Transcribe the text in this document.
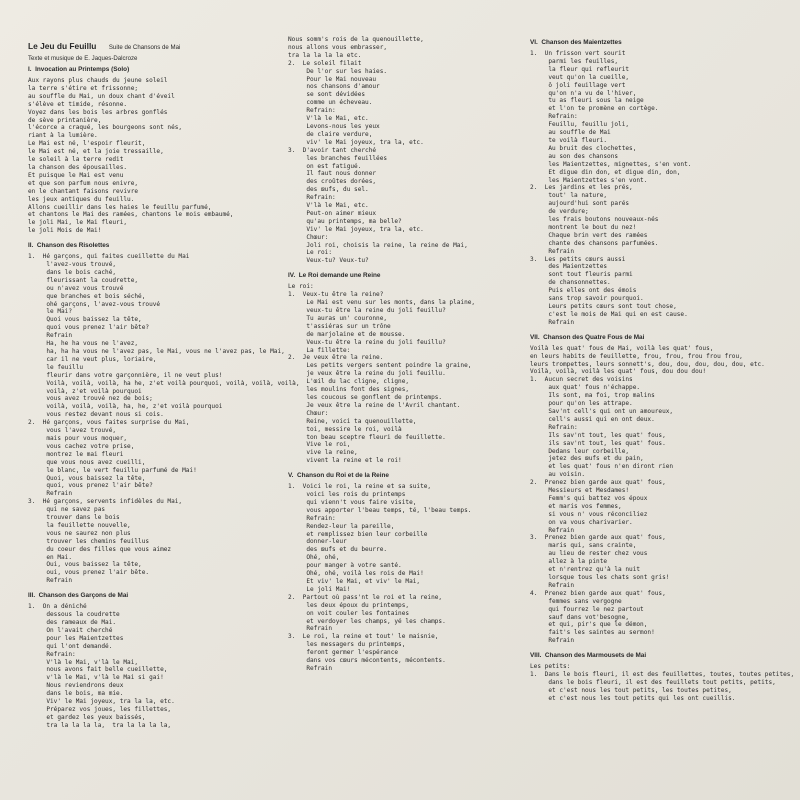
Le Jeu du Feuillu Suite de Chansons de Mai
Texte et musique de E. Jaques-Dalcroze
I.  Invocation au Printemps (Solo)
Aux rayons plus chauds du jeune soleil
la terre s'étire et frissonne;
au souffle du Mai, un doux chant d'éveil
s'élève et timide, résonne.
Voyez dans les bois les arbres gonflés
de sève printanière,
l'écorce a craqué, les bourgeons sont nés,
riant à la lumière.
Le Mai est né, l'espoir fleurit,
le Mai est né, et la joie tressaille,
le soleil à la terre redit
la chanson des épousailles.
Et puisque le Mai est venu
et que son parfum nous enivre,
en le chantant faisons revivre
les jeux antiques du feuillu.
Allons cueillir dans les haies le feuillu parfumé,
et chantons le Mai des ramées, chantons le mois embaumé,
le joli Mai, le Mai fleuri,
le joli Mois de Mai!
II.  Chanson des Risolettes
1.  Hé garçons, qui faites cueillette du Mai
l'avez-vous trouvé,
dans le bois caché,
fleurissant la coudrette,
ou n'avez vous trouvé
que branches et bois séché,
ohé garçons, l'avez-vous trouvé
le Mai?
Quoi vous baissez la tête,
quoi vous prenez l'air bête?
Refrain
Ha, he ha vous ne l'avez,
ha, ha ha vous ne l'avez pas, le Mai, vous ne l'avez pas, le Mai,
car il ne veut plus, loriaire,
le feuillu
fleurir dans votre garçonnière, il ne veut plus!
Voilà, voilà, voilà, ha he, z'et voilà pourquoi, voilà, voilà, voilà,
voilà, z'et voilà pourquoi
vous avez trouvé nez de bois;
voilà, voilà, voilà, ha, he, z'et voilà pourquoi
vous restez devant nous si cois.
2.  Hé garçons, vous faites surprise du Mai,
vous l'avez trouvé,
mais pour vous moquer,
vous cachez votre prise,
montrez le mai fleuri
que vous nous avez cueilli,
le blanc, le vert feuillu parfumé de Mai!
Quoi, vous baissez la tête,
quoi, vous prenez l'air bête?
Refrain
3.  Hé garçons, servents infidèles du Mai,
qui ne savez pas
trouver dans le bois
la feuillette nouvelle,
vous ne saurez non plus
trouver les chemins feuillus
du coeur des filles que vous aimez
en Mai.
Oui, vous baissez la tête,
oui, vous prenez l'air bête.
Refrain
III.  Chanson des Garçons de Mai
1.  On a déniché
dessous la coudrette
des rameaux de Mai.
On l'avait cherché
pour les Maientzettes
qui l'ont demandé.
Refrain:
V'là le Mai, v'là le Mai,
nous avons fait belle cueillette,
v'là le Mai, v'là le Mai si gai!
Nous reviendrons deux
dans le bois, ma mie.
Viv' le Mai joyeux, tra la la, etc.
Préparez vos joues, les fillettes,
et gardez les yeux baissés,
tra la la la la,  tra la la la la,
Nous somm's rois de la quenouillette,
nous allons vous embrasser,
tra la la la la etc.
2.  Le soleil filait
De l'or sur les haies.
Pour le Mai nouveau
nos chansons d'amour
se sont dévidées
comme un écheveau.
Refrain:
V'là le Mai, etc.
Levons-nous les yeux
de claire verdure,
viv' le Mai joyeux, tra la, etc.
3.  D'avoir tant cherché
les branches feuillées
on est fatigué.
Il faut nous donner
des croûtes dorées,
des œufs, du sel.
Refrain:
V'là le Mai, etc.
Peut-on aimer mieux
qu'au printemps, ma belle?
Viv' le Mai joyeux, tra la, etc.
Chœur:
Joli roi, choisis la reine, la reine de Mai,
Le roi:
Veux-tu? Veux-tu?
IV.  Le Roi demande une Reine
Le roi:
1.  Veux-tu être la reine?
Le Mai est venu sur les monts, dans la plaine,
veux-tu être la reine du joli feuillu?
Tu auras un' couronne,
t'assiéras sur un trône
de marjolaine et de mousse.
Veux-tu être la reine du joli feuillu?
La fillette:
2.  Je veux être la reine.
Les petits vergers sentent poindre la graine,
je veux être la reine du joli feuillu.
L'œil du lac cligne, cligne,
les moulins font des signes,
les coucous se gonflent de printemps.
Je veux être la reine de l'Avril chantant.
Chœur:
Reine, voici ta quenouillette,
toi, messire le roi, voilà
ton beau sceptre fleuri de feuillette.
Vive le roi,
vive la reine,
vivent la reine et le roi!
V.  Chanson du Roi et de la Reine
1.  Voici le roi, la reine et sa suite,
voici les rois du printemps
qui vienn't vous faire visite,
vous apporter l'beau temps, té, l'beau temps.
Refrain:
Rendez-leur la pareille,
et remplissez bien leur corbeille
donner-leur
des œufs et du beurre.
Ohé, ohé,
pour manger à votre santé.
Ohé, ohé, voilà les rois de Mai!
Et viv' le Mai, et viv' le Mai,
Le joli Mai!
2.  Partout où pass'nt le roi et la reine,
les deux époux du printemps,
on voit couler les fontaines
et verdoyer les champs, yé les champs.
Refrain
3.  Le roi, la reine et tout' le maisnie,
les messagers du printemps,
feront germer l'espérance
dans vos cœurs mécontents, mécontents.
Refrain
VI.  Chanson des Maientzettes
1.  Un frisson vert sourit
parmi les feuilles,
la fleur qui refleurit
veut qu'on la cueille,
ô joli feuillage vert
qu'on n'a vu de l'hiver,
tu as fleuri sous la neige
et l'on te promène en cortège.
Refrain:
Feuillu, feuillu joli,
au souffle de Mai
te voilà fleuri.
Au bruit des clochettes,
au son des chansons
les Maientzettes, mignettes, s'en vont.
Et digue din don, et digue din, don,
les Maientzettes s'en vont.
2.  Les jardins et les prés,
tout' la nature,
aujourd'hui sont parés
de verdure;
les frais boutons nouveaux-nés
montrent le bout du nez!
Chaque brin vert des ramées
chante des chansons parfumées.
Refrain
3.  Les petits cœurs aussi
des Maientzettes
sont tout fleuris parmi
de chansonnettes.
Puis elles ont des émois
sans trop savoir pourquoi.
Leurs petits cœurs sont tout chose,
c'est le mois de Mai qui en est cause.
Refrain
VII.  Chanson des Quatre Fous de Mai
Voilà les quat' fous de Mai, voilà les quat' fous,
en leurs habits de feuillette, frou, frou, frou frou frou,
leurs trompettes, leurs sonnett's, dou, dou, dou, dou, dou, etc.
Voilà, voilà, voilà les quat' fous, dou dou dou!
1.  Aucun secret des voisins
aux quat' fous n'échappe.
Ils sont, ma foi, trop malins
pour qu'on les attrape.
Sav'nt cell's qui ont un amoureux,
cell's aussi qui en ont deux.
Refrain:
Ils sav'nt tout, les quat' fous,
ils sav'nt tout, les quat' fous.
Dedans leur corbeille,
jetez des œufs et du pain,
et les quat' fous n'en diront rien
au voisin.
2.  Prenez bien garde aux quat' fous,
Messieurs et Mesdames!
Femm's qui battez vos époux
et maris vos femmes,
si vous n' vous réconciliez
on va vous charivarier.
Refrain
3.  Prenez bien garde aux quat' fous,
maris qui, sans crainte,
au lieu de rester chez vous
allez à la pinte
et n'rentrez qu'à la nuit
lorsque tous les chats sont gris!
Refrain
4.  Prenez bien garde aux quat' fous,
femmes sans vergogne
qui fourrez le nez partout
sauf dans vot'besogne,
et qui, pir's que le démon,
fait's les saintes au sermon!
Refrain
VIII.  Chanson des Marmousets de Mai
Les petits:
1.  Dans le bois fleuri, il est des feuillettes, toutes, toutes petites,
dans le bois fleuri, il est des feuillets tout petits, petits,
et c'est nous les tout petits, les toutes petites,
et c'est nous les tout petits qui les ont cueillis.
